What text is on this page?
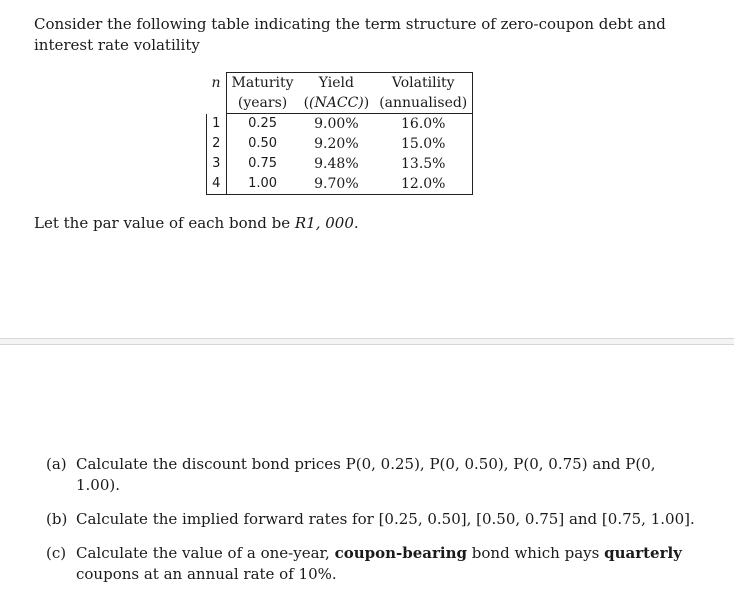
Consider the following table indicating the term structure of zero-coupon debt and interest rate volatility
n	Maturity	Yield	Volatility
	(years)	((NACC))	(annualised)
1	0.25	9.00%	16.0%
2	0.50	9.20%	15.0%
3	0.75	9.48%	13.5%
4	1.00	9.70%	12.0%
Let the par value of each bond be R1, 000.
(a) Calculate the discount bond prices P(0, 0.25), P(0, 0.50), P(0, 0.75) and P(0, 1.00).
(b) Calculate the implied forward rates for [0.25, 0.50], [0.50, 0.75] and [0.75, 1.00].
(c) Calculate the value of a one-year, coupon-bearing bond which pays quarterly coupons at an annual rate of 10%.
